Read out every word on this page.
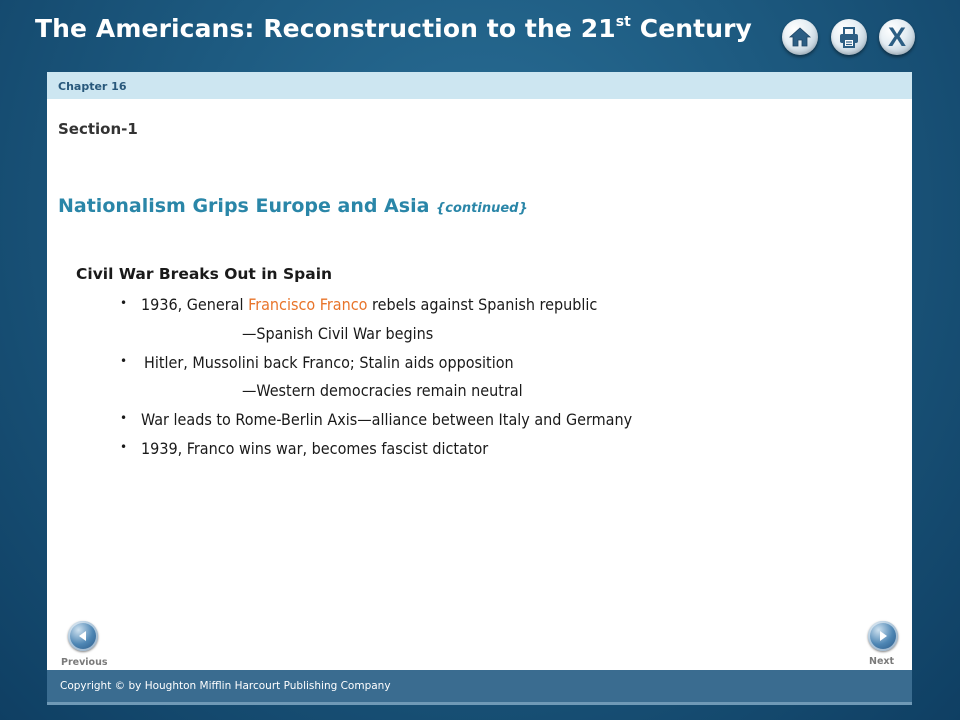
The Americans: Reconstruction to the 21st Century	X
Chapter 16
Section-1
Nationalism Grips Europe and Asia {continued}
Civil War Breaks Out in Spain
• 1936, General Francisco Franco rebels against Spanish republic
—Spanish Civil War begins
• Hitler, Mussolini back Franco; Stalin aids opposition
—Western democracies remain neutral
• War leads to Rome-Berlin Axis—alliance between Italy and Germany
• 1939, Franco wins war, becomes fascist dictator
Previous	Next
Copyright © by Houghton Mifflin Harcourt Publishing Company
